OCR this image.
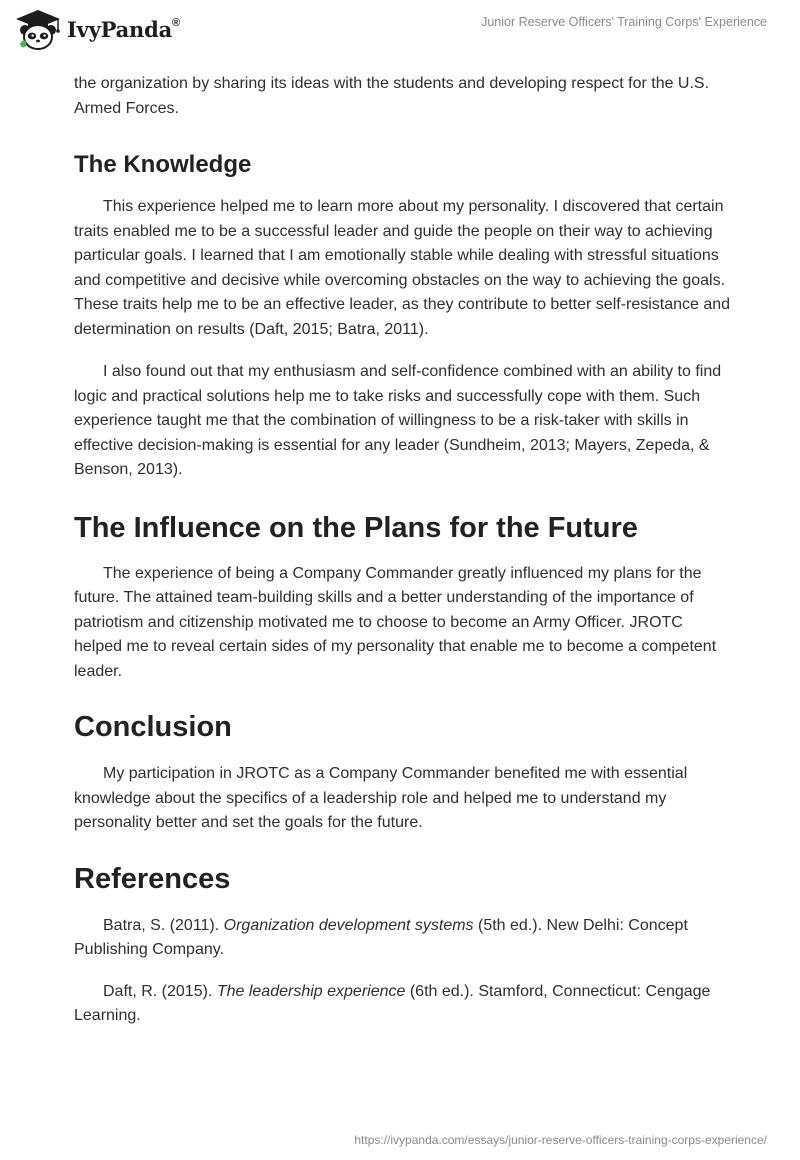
IvyPanda®	Junior Reserve Officers' Training Corps' Experience

the organization by sharing its ideas with the students and developing respect for the U.S. Armed Forces.

The Knowledge

This experience helped me to learn more about my personality. I discovered that certain traits enabled me to be a successful leader and guide the people on their way to achieving particular goals. I learned that I am emotionally stable while dealing with stressful situations and competitive and decisive while overcoming obstacles on the way to achieving the goals. These traits help me to be an effective leader, as they contribute to better self-resistance and determination on results (Daft, 2015; Batra, 2011).

I also found out that my enthusiasm and self-confidence combined with an ability to find logic and practical solutions help me to take risks and successfully cope with them. Such experience taught me that the combination of willingness to be a risk-taker with skills in effective decision-making is essential for any leader (Sundheim, 2013; Mayers, Zepeda, & Benson, 2013).

The Influence on the Plans for the Future

The experience of being a Company Commander greatly influenced my plans for the future. The attained team-building skills and a better understanding of the importance of patriotism and citizenship motivated me to choose to become an Army Officer. JROTC helped me to reveal certain sides of my personality that enable me to become a competent leader.

Conclusion

My participation in JROTC as a Company Commander benefited me with essential knowledge about the specifics of a leadership role and helped me to understand my personality better and set the goals for the future.

References

Batra, S. (2011). Organization development systems (5th ed.). New Delhi: Concept Publishing Company.

Daft, R. (2015). The leadership experience (6th ed.). Stamford, Connecticut: Cengage Learning.

https://ivypanda.com/essays/junior-reserve-officers-training-corps-experience/
